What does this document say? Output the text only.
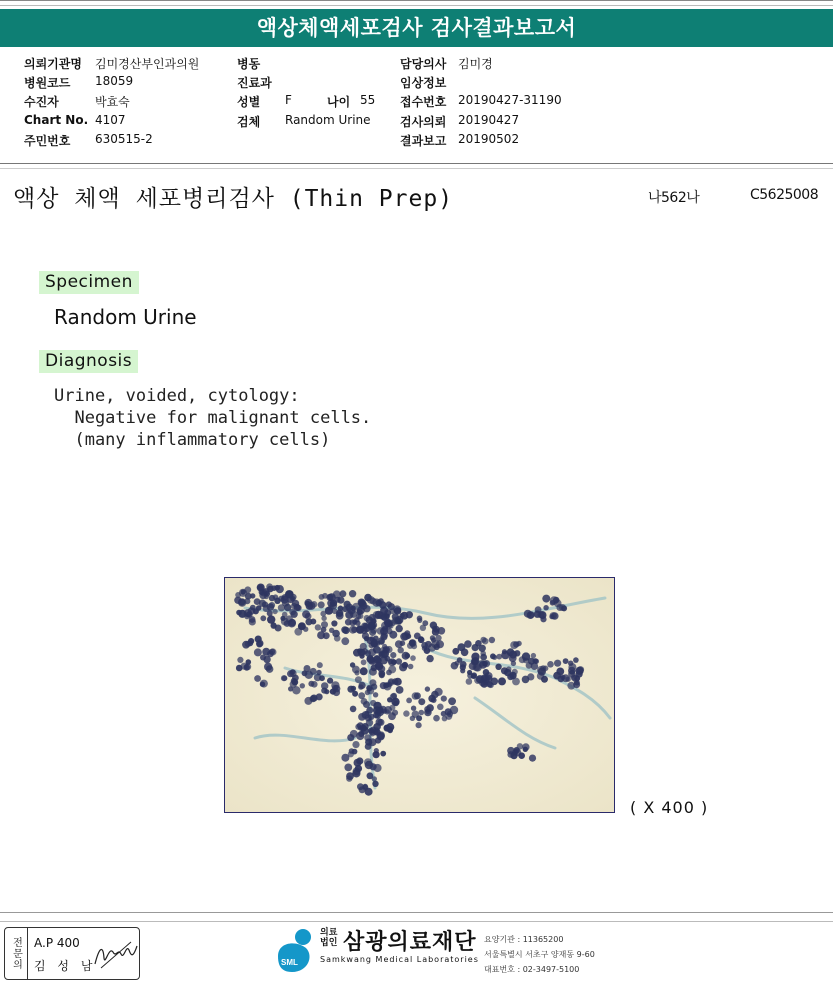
액상체액세포검사 검사결과보고서
의뢰기관명 김미경산부인과의원
병원코드 18059
수진자	박효숙
Chart No. 4107
주민번호 630515-2
병동
진료과
성별 F	나이 55
검체 Random Urine
담당의사 김미경
임상정보
접수번호 20190427-31190
검사의뢰 20190427
결과보고 20190502
액상 체액 세포병리검사 (Thin Prep)	나562나	C5625008
Specimen
Random Urine
Diagnosis
Urine, voided, cytology:
Negative for malignant cells.
(many inflammatory cells)
( X 400 )
전문의	A.P 400
김 성 남	SML
의료
법인 삼광의료재단
Samkwang Medical Laboratories
요양기관 : 11365200
서울특별시 서초구 양재동 9-60
대표번호 : 02-3497-5100
